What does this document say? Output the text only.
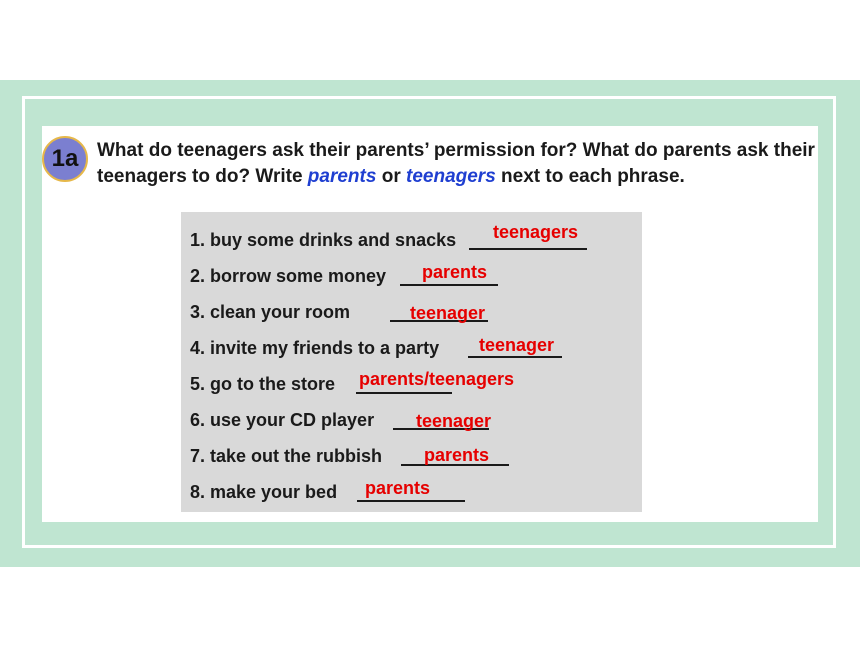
1a What do teenagers ask their parents’ permission for? What do parents ask their teenagers to do? Write parents or teenagers next to each phrase.
1. buy some drinks and snacks teenagers
2. borrow some money parents
3. clean your room	teenager
4. invite my friends to a party teenager
5. go to the store parents/teenagers
6. use your CD player teenager
7. take out the rubbish parents
8. make your bed parents
